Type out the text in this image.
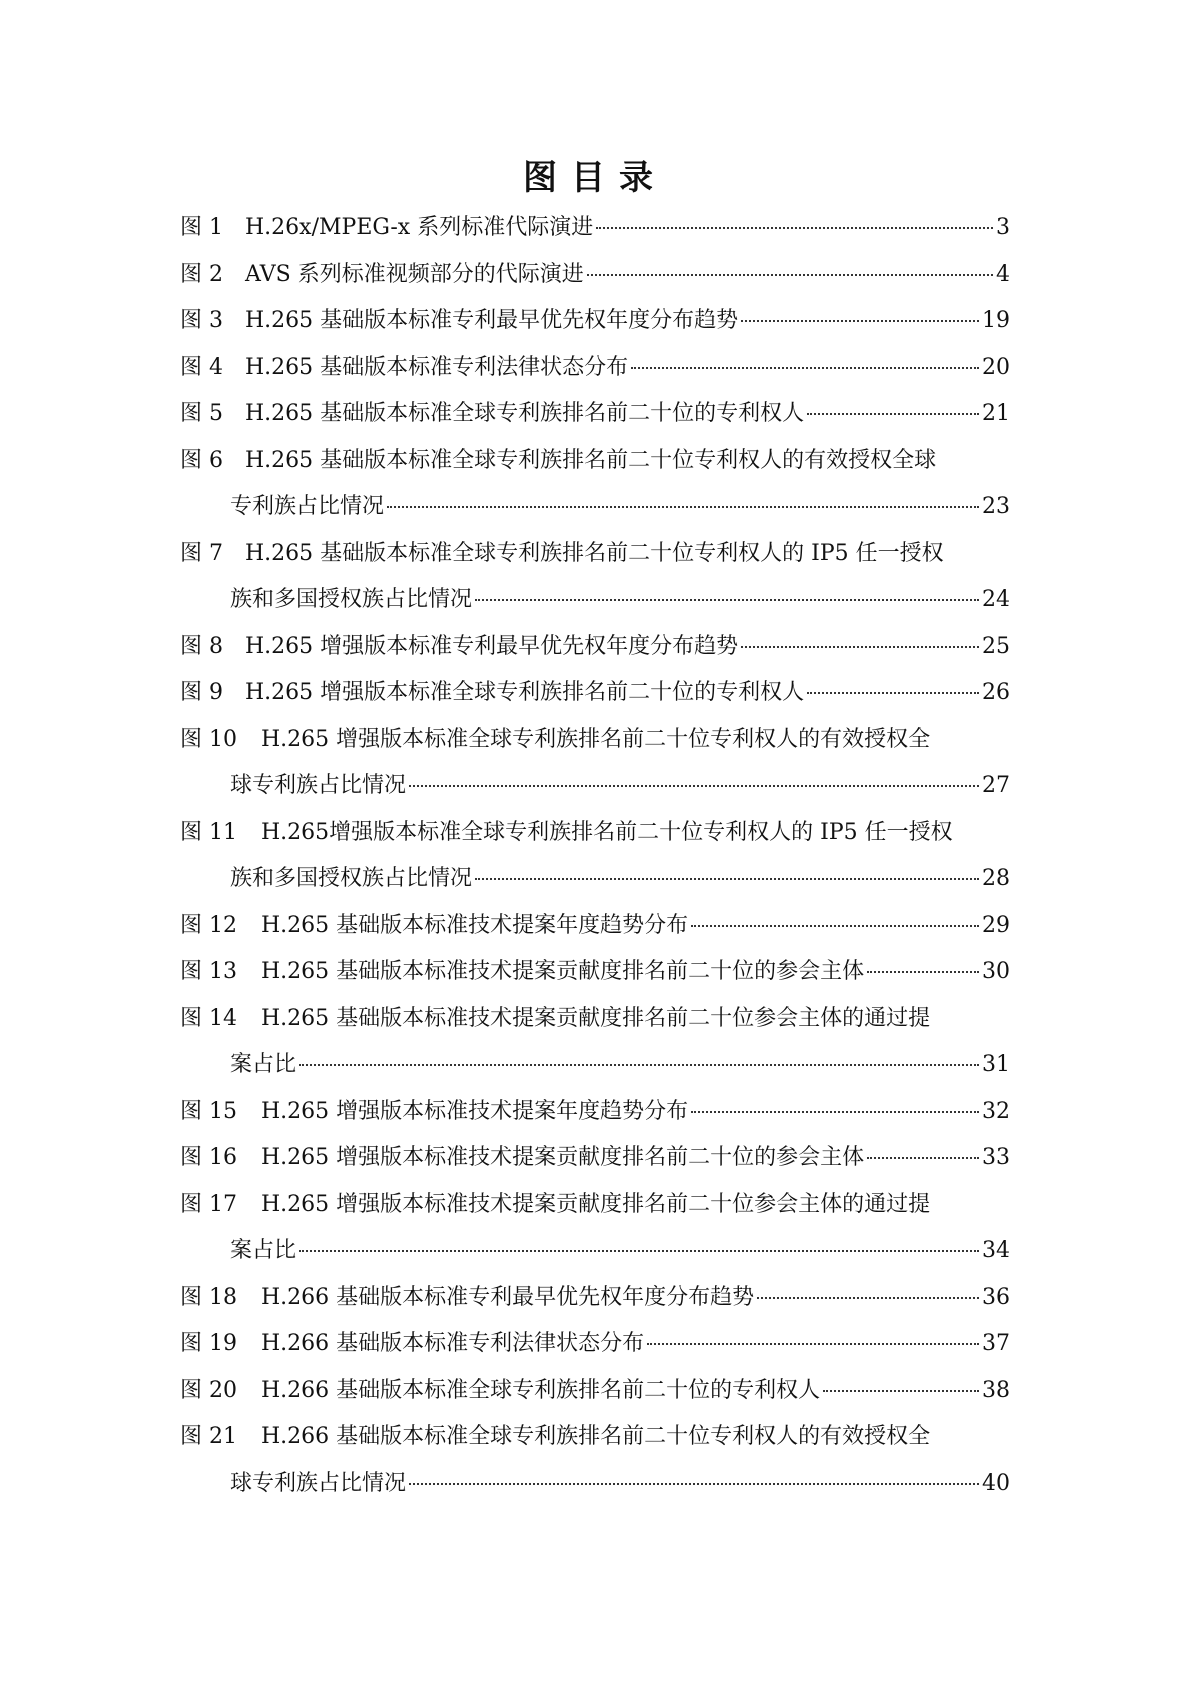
图目录
图 1 H.26x/MPEG-x 系列标准代际演进	3
图 2 AVS 系列标准视频部分的代际演进	4
图 3 H.265 基础版本标准专利最早优先权年度分布趋势	19
图 4 H.265 基础版本标准专利法律状态分布	20
图 5 H.265 基础版本标准全球专利族排名前二十位的专利权人	21
图 6 H.265 基础版本标准全球专利族排名前二十位专利权人的有效授权全球
专利族占比情况	23
图 7 H.265 基础版本标准全球专利族排名前二十位专利权人的 IP5 任一授权
族和多国授权族占比情况	24
图 8 H.265 增强版本标准专利最早优先权年度分布趋势	25
图 9 H.265 增强版本标准全球专利族排名前二十位的专利权人	26
图 10 H.265 增强版本标准全球专利族排名前二十位专利权人的有效授权全
球专利族占比情况	27
图 11 H.265增强版本标准全球专利族排名前二十位专利权人的 IP5 任一授权
族和多国授权族占比情况	28
图 12 H.265 基础版本标准技术提案年度趋势分布	29
图 13 H.265 基础版本标准技术提案贡献度排名前二十位的参会主体	30
图 14 H.265 基础版本标准技术提案贡献度排名前二十位参会主体的通过提
案占比	31
图 15 H.265 增强版本标准技术提案年度趋势分布	32
图 16 H.265 增强版本标准技术提案贡献度排名前二十位的参会主体	33
图 17 H.265 增强版本标准技术提案贡献度排名前二十位参会主体的通过提
案占比	34
图 18 H.266 基础版本标准专利最早优先权年度分布趋势	36
图 19 H.266 基础版本标准专利法律状态分布	37
图 20 H.266 基础版本标准全球专利族排名前二十位的专利权人	38
图 21 H.266 基础版本标准全球专利族排名前二十位专利权人的有效授权全
球专利族占比情况	40
